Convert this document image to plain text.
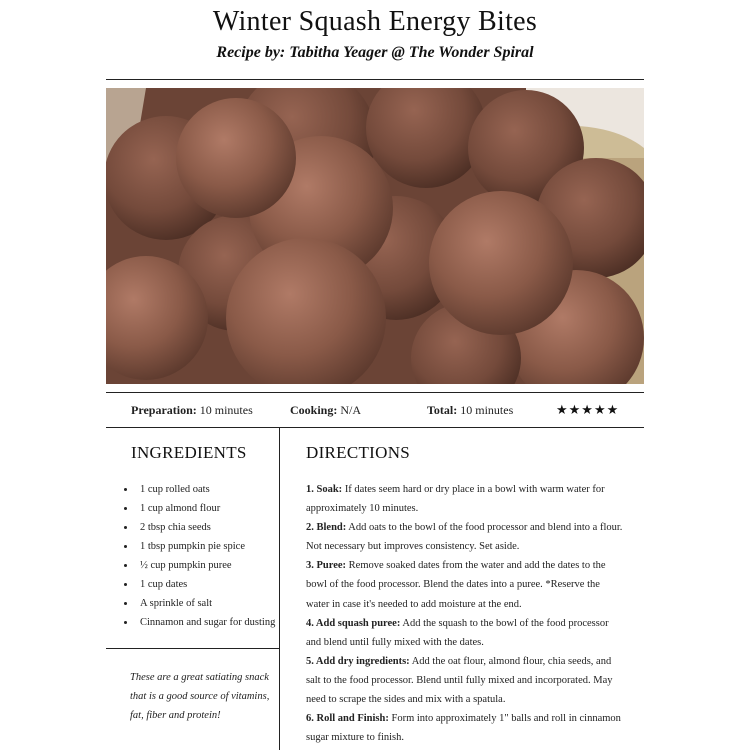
Winter Squash Energy Bites
Recipe by: Tabitha Yeager @ The Wonder Spiral
Preparation: 10 minutes	Cooking: N/A	Total: 10 minutes	★★★★★
INGREDIENTS
• 1 cup rolled oats
• 1 cup almond flour
• 2 tbsp chia seeds
• 1 tbsp pumpkin pie spice
• ½ cup pumpkin puree
• 1 cup dates
• A sprinkle of salt
• Cinnamon and sugar for dusting
These are a great satiating snack that is a good source of vitamins, fat, fiber and protein!
DIRECTIONS

1. Soak: If dates seem hard or dry place in a bowl with warm water for approximately 10 minutes.

2. Blend: Add oats to the bowl of the food processor and blend into a flour. Not necessary but improves consistency. Set aside.

3. Puree: Remove soaked dates from the water and add the dates to the bowl of the food processor. Blend the dates into a puree. *Reserve the water in case it's needed to add moisture at the end.

4. Add squash puree: Add the squash to the bowl of the food processor and blend until fully mixed with the dates.

5. Add dry ingredients: Add the oat flour, almond flour, chia seeds, and salt to the food processor. Blend until fully mixed and incorporated. May need to scrape the sides and mix with a spatula.

6. Roll and Finish: Form into approximately 1" balls and roll in cinnamon sugar mixture to finish.
